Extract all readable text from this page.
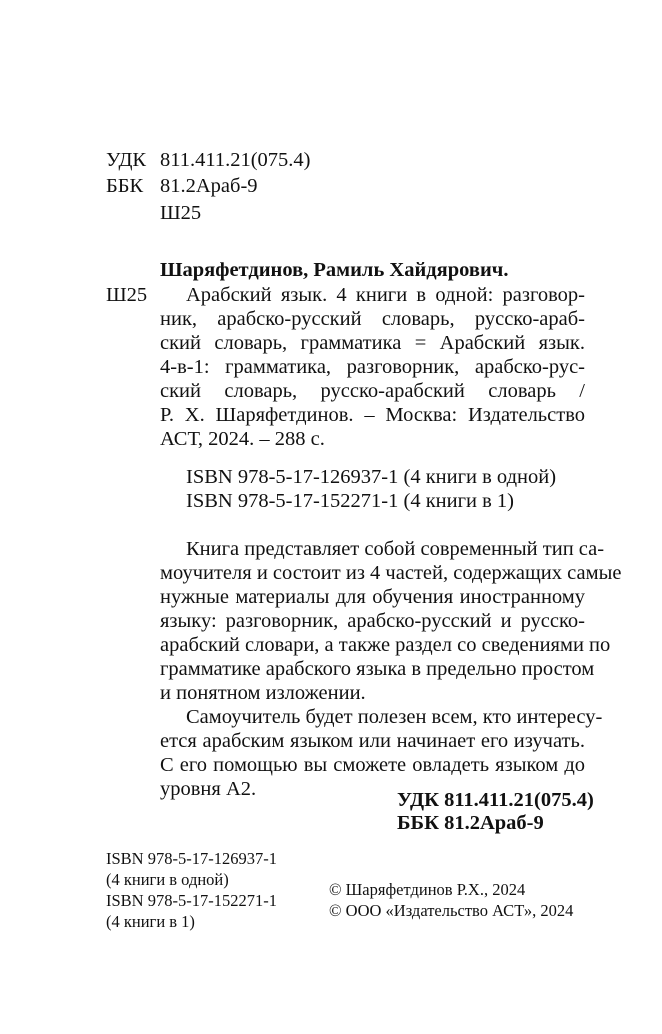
УДК 811.411.21(075.4)
ББК 81.2Араб-9
Ш25
Шаряфетдинов, Рамиль Хайдярович.
Ш25 Арабский язык. 4 книги в одной: разговор-
ник, арабско-русский словарь, русско-араб-
ский словарь, грамматика = Арабский язык.
4-в-1: грамматика, разговорник, арабско-рус-
ский словарь, русско-арабский словарь /
Р. Х. Шаряфетдинов. – Москва: Издательство
АСТ, 2024. – 288 с.
ISBN 978-5-17-126937-1 (4 книги в одной)
ISBN 978-5-17-152271-1 (4 книги в 1)
Книга представляет собой современный тип са-
моучителя и состоит из 4 частей, содержащих самые
нужные материалы для обучения иностранному
языку: разговорник, арабско-русский и русско-
арабский словари, а также раздел со сведениями по
грамматике арабского языка в предельно простом
и понятном изложении.
Самоучитель будет полезен всем, кто интересу-
ется арабским языком или начинает его изучать.
С его помощью вы сможете овладеть языком до
уровня А2.	УДК 811.411.21(075.4)
ББК 81.2Араб-9
ISBN 978-5-17-126937-1
(4 книги в одной)
ISBN 978-5-17-152271-1
(4 книги в 1)
© Шаряфетдинов Р.Х., 2024
© ООО «Издательство АСТ», 2024
